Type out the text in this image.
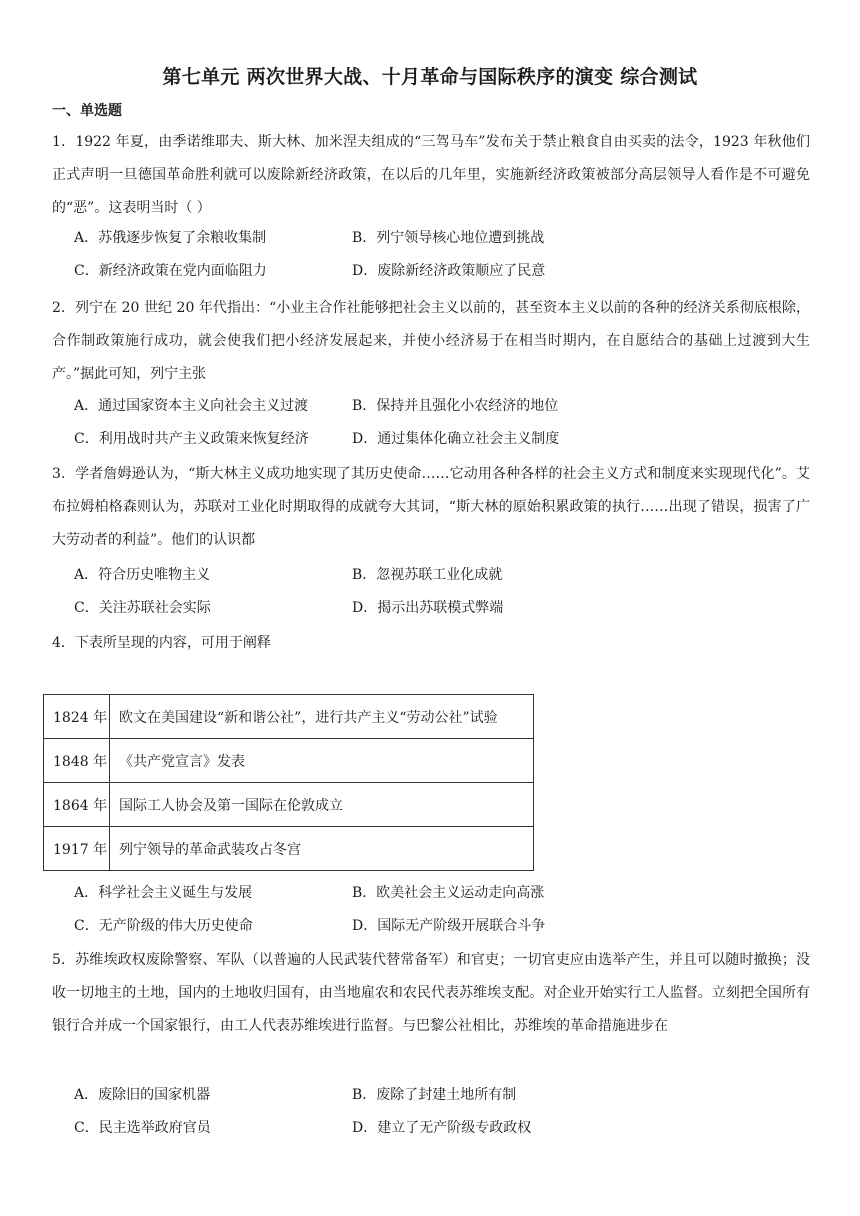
第七单元 两次世界大战、十月革命与国际秩序的演变 综合测试
一、单选题
1．1922 年夏，由季诺维耶夫、斯大林、加米涅夫组成的“三驾马车”发布关于禁止粮食自由买卖的法令，1923 年秋他们正式声明一旦德国革命胜利就可以废除新经济政策，在以后的几年里，实施新经济政策被部分高层领导人看作是不可避免的“恶”。这表明当时（ ）
A．苏俄逐步恢复了余粮收集制	B．列宁领导核心地位遭到挑战
C．新经济政策在党内面临阻力	D．废除新经济政策顺应了民意
2．列宁在 20 世纪 20 年代指出：“小业主合作社能够把社会主义以前的，甚至资本主义以前的各种的经济关系彻底根除，合作制政策施行成功，就会使我们把小经济发展起来，并使小经济易于在相当时期内，在自愿结合的基础上过渡到大生产。”据此可知，列宁主张
A．通过国家资本主义向社会主义过渡	B．保持并且强化小农经济的地位
C．利用战时共产主义政策来恢复经济	D．通过集体化确立社会主义制度
3．学者詹姆逊认为，“斯大林主义成功地实现了其历史使命……它动用各种各样的社会主义方式和制度来实现现代化”。艾布拉姆柏格森则认为，苏联对工业化时期取得的成就夸大其词，“斯大林的原始积累政策的执行……出现了错误，损害了广大劳动者的利益”。他们的认识都
A．符合历史唯物主义	B．忽视苏联工业化成就
C．关注苏联社会实际	D．揭示出苏联模式弊端
4．下表所呈现的内容，可用于阐释
1824 年	欧文在美国建设“新和谐公社”，进行共产主义“劳动公社”试验
1848 年	《共产党宣言》发表
1864 年	国际工人协会及第一国际在伦敦成立
1917 年	列宁领导的革命武装攻占冬宫
A．科学社会主义诞生与发展	B．欧美社会主义运动走向高涨
C．无产阶级的伟大历史使命	D．国际无产阶级开展联合斗争
5．苏维埃政权废除警察、军队（以普遍的人民武装代替常备军）和官吏；一切官吏应由选举产生，并且可以随时撤换；没收一切地主的土地，国内的土地收归国有，由当地雇农和农民代表苏维埃支配。对企业开始实行工人监督。立刻把全国所有银行合并成一个国家银行，由工人代表苏维埃进行监督。与巴黎公社相比，苏维埃的革命措施进步在
A．废除旧的国家机器	B．废除了封建土地所有制
C．民主选举政府官员	D．建立了无产阶级专政政权
